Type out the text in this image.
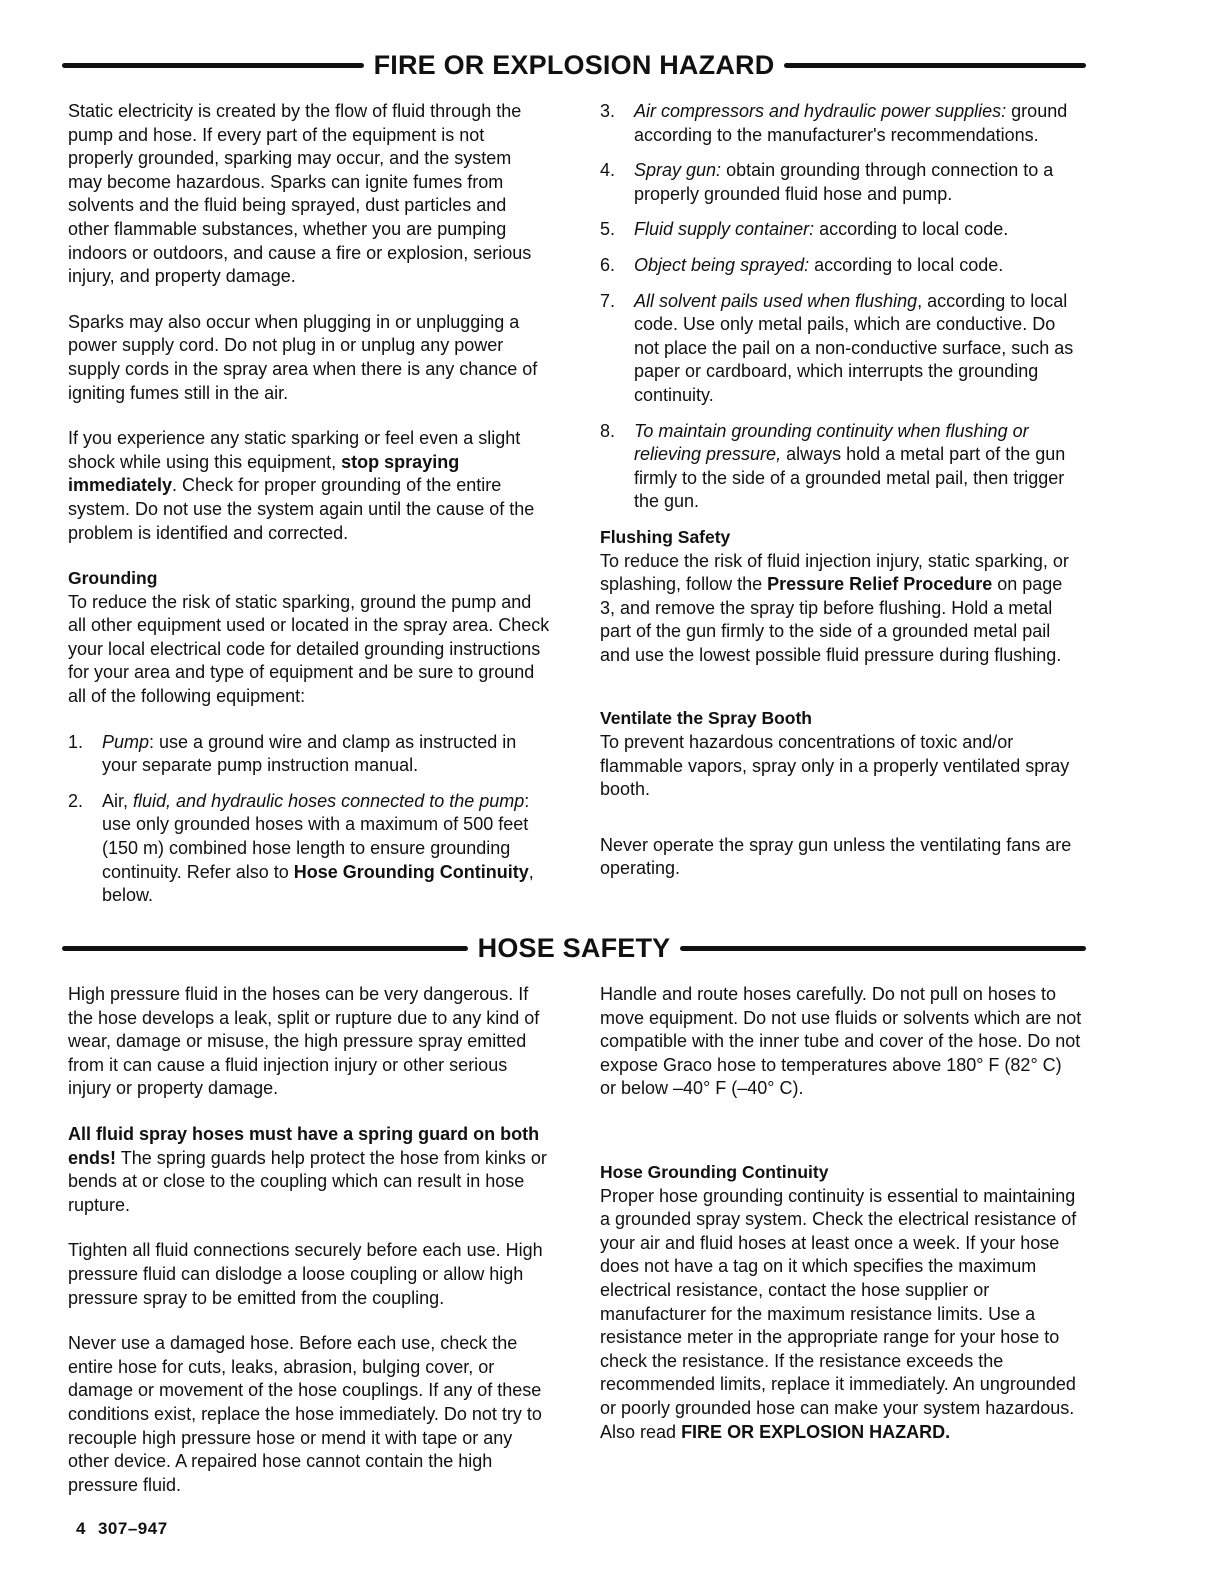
FIRE OR EXPLOSION HAZARD

Static electricity is created by the flow of fluid through the pump and hose. If every part of the equipment is not properly grounded, sparking may occur, and the system may become hazardous. Sparks can ignite fumes from solvents and the fluid being sprayed, dust particles and other flammable substances, whether you are pumping indoors or outdoors, and cause a fire or explosion, serious injury, and property damage.

Sparks may also occur when plugging in or unplugging a power supply cord. Do not plug in or unplug any power supply cords in the spray area when there is any chance of igniting fumes still in the air.

If you experience any static sparking or feel even a slight shock while using this equipment, stop spraying immediately. Check for proper grounding of the entire system. Do not use the system again until the cause of the problem is identified and corrected.

Grounding

To reduce the risk of static sparking, ground the pump and all other equipment used or located in the spray area. Check your local electrical code for detailed grounding instructions for your area and type of equipment and be sure to ground all of the following equipment:

1. Pump: use a ground wire and clamp as instructed in your separate pump instruction manual.
2. Air, fluid, and hydraulic hoses connected to the pump: use only grounded hoses with a maximum of 500 feet (150 m) combined hose length to ensure grounding continuity. Refer also to Hose Grounding Continuity, below.
3. Air compressors and hydraulic power supplies: ground according to the manufacturer's recommendations.
4. Spray gun: obtain grounding through connection to a properly grounded fluid hose and pump.
5. Fluid supply container: according to local code.
6. Object being sprayed: according to local code.
7. All solvent pails used when flushing, according to local code. Use only metal pails, which are conductive. Do not place the pail on a non-conductive surface, such as paper or cardboard, which interrupts the grounding continuity.
8. To maintain grounding continuity when flushing or relieving pressure, always hold a metal part of the gun firmly to the side of a grounded metal pail, then trigger the gun.
Flushing Safety

To reduce the risk of fluid injection injury, static sparking, or splashing, follow the Pressure Relief Procedure on page 3, and remove the spray tip before flushing. Hold a metal part of the gun firmly to the side of a grounded metal pail and use the lowest possible fluid pressure during flushing.

Ventilate the Spray Booth

To prevent hazardous concentrations of toxic and/or flammable vapors, spray only in a properly ventilated spray booth.

Never operate the spray gun unless the ventilating fans are operating.

HOSE SAFETY

High pressure fluid in the hoses can be very dangerous. If the hose develops a leak, split or rupture due to any kind of wear, damage or misuse, the high pressure spray emitted from it can cause a fluid injection injury or other serious injury or property damage.

All fluid spray hoses must have a spring guard on both ends! The spring guards help protect the hose from kinks or bends at or close to the coupling which can result in hose rupture.

Tighten all fluid connections securely before each use. High pressure fluid can dislodge a loose coupling or allow high pressure spray to be emitted from the coupling.

Never use a damaged hose. Before each use, check the entire hose for cuts, leaks, abrasion, bulging cover, or damage or movement of the hose couplings. If any of these conditions exist, replace the hose immediately. Do not try to recouple high pressure hose or mend it with tape or any other device. A repaired hose cannot contain the high pressure fluid.

Handle and route hoses carefully. Do not pull on hoses to move equipment. Do not use fluids or solvents which are not compatible with the inner tube and cover of the hose. Do not expose Graco hose to temperatures above 180° F (82° C) or below –40° F (–40° C).

Hose Grounding Continuity

Proper hose grounding continuity is essential to maintaining a grounded spray system. Check the electrical resistance of your air and fluid hoses at least once a week. If your hose does not have a tag on it which specifies the maximum electrical resistance, contact the hose supplier or manufacturer for the maximum resistance limits. Use a resistance meter in the appropriate range for your hose to check the resistance. If the resistance exceeds the recommended limits, replace it immediately. An ungrounded or poorly grounded hose can make your system hazardous. Also read FIRE OR EXPLOSION HAZARD.

4 307–947
